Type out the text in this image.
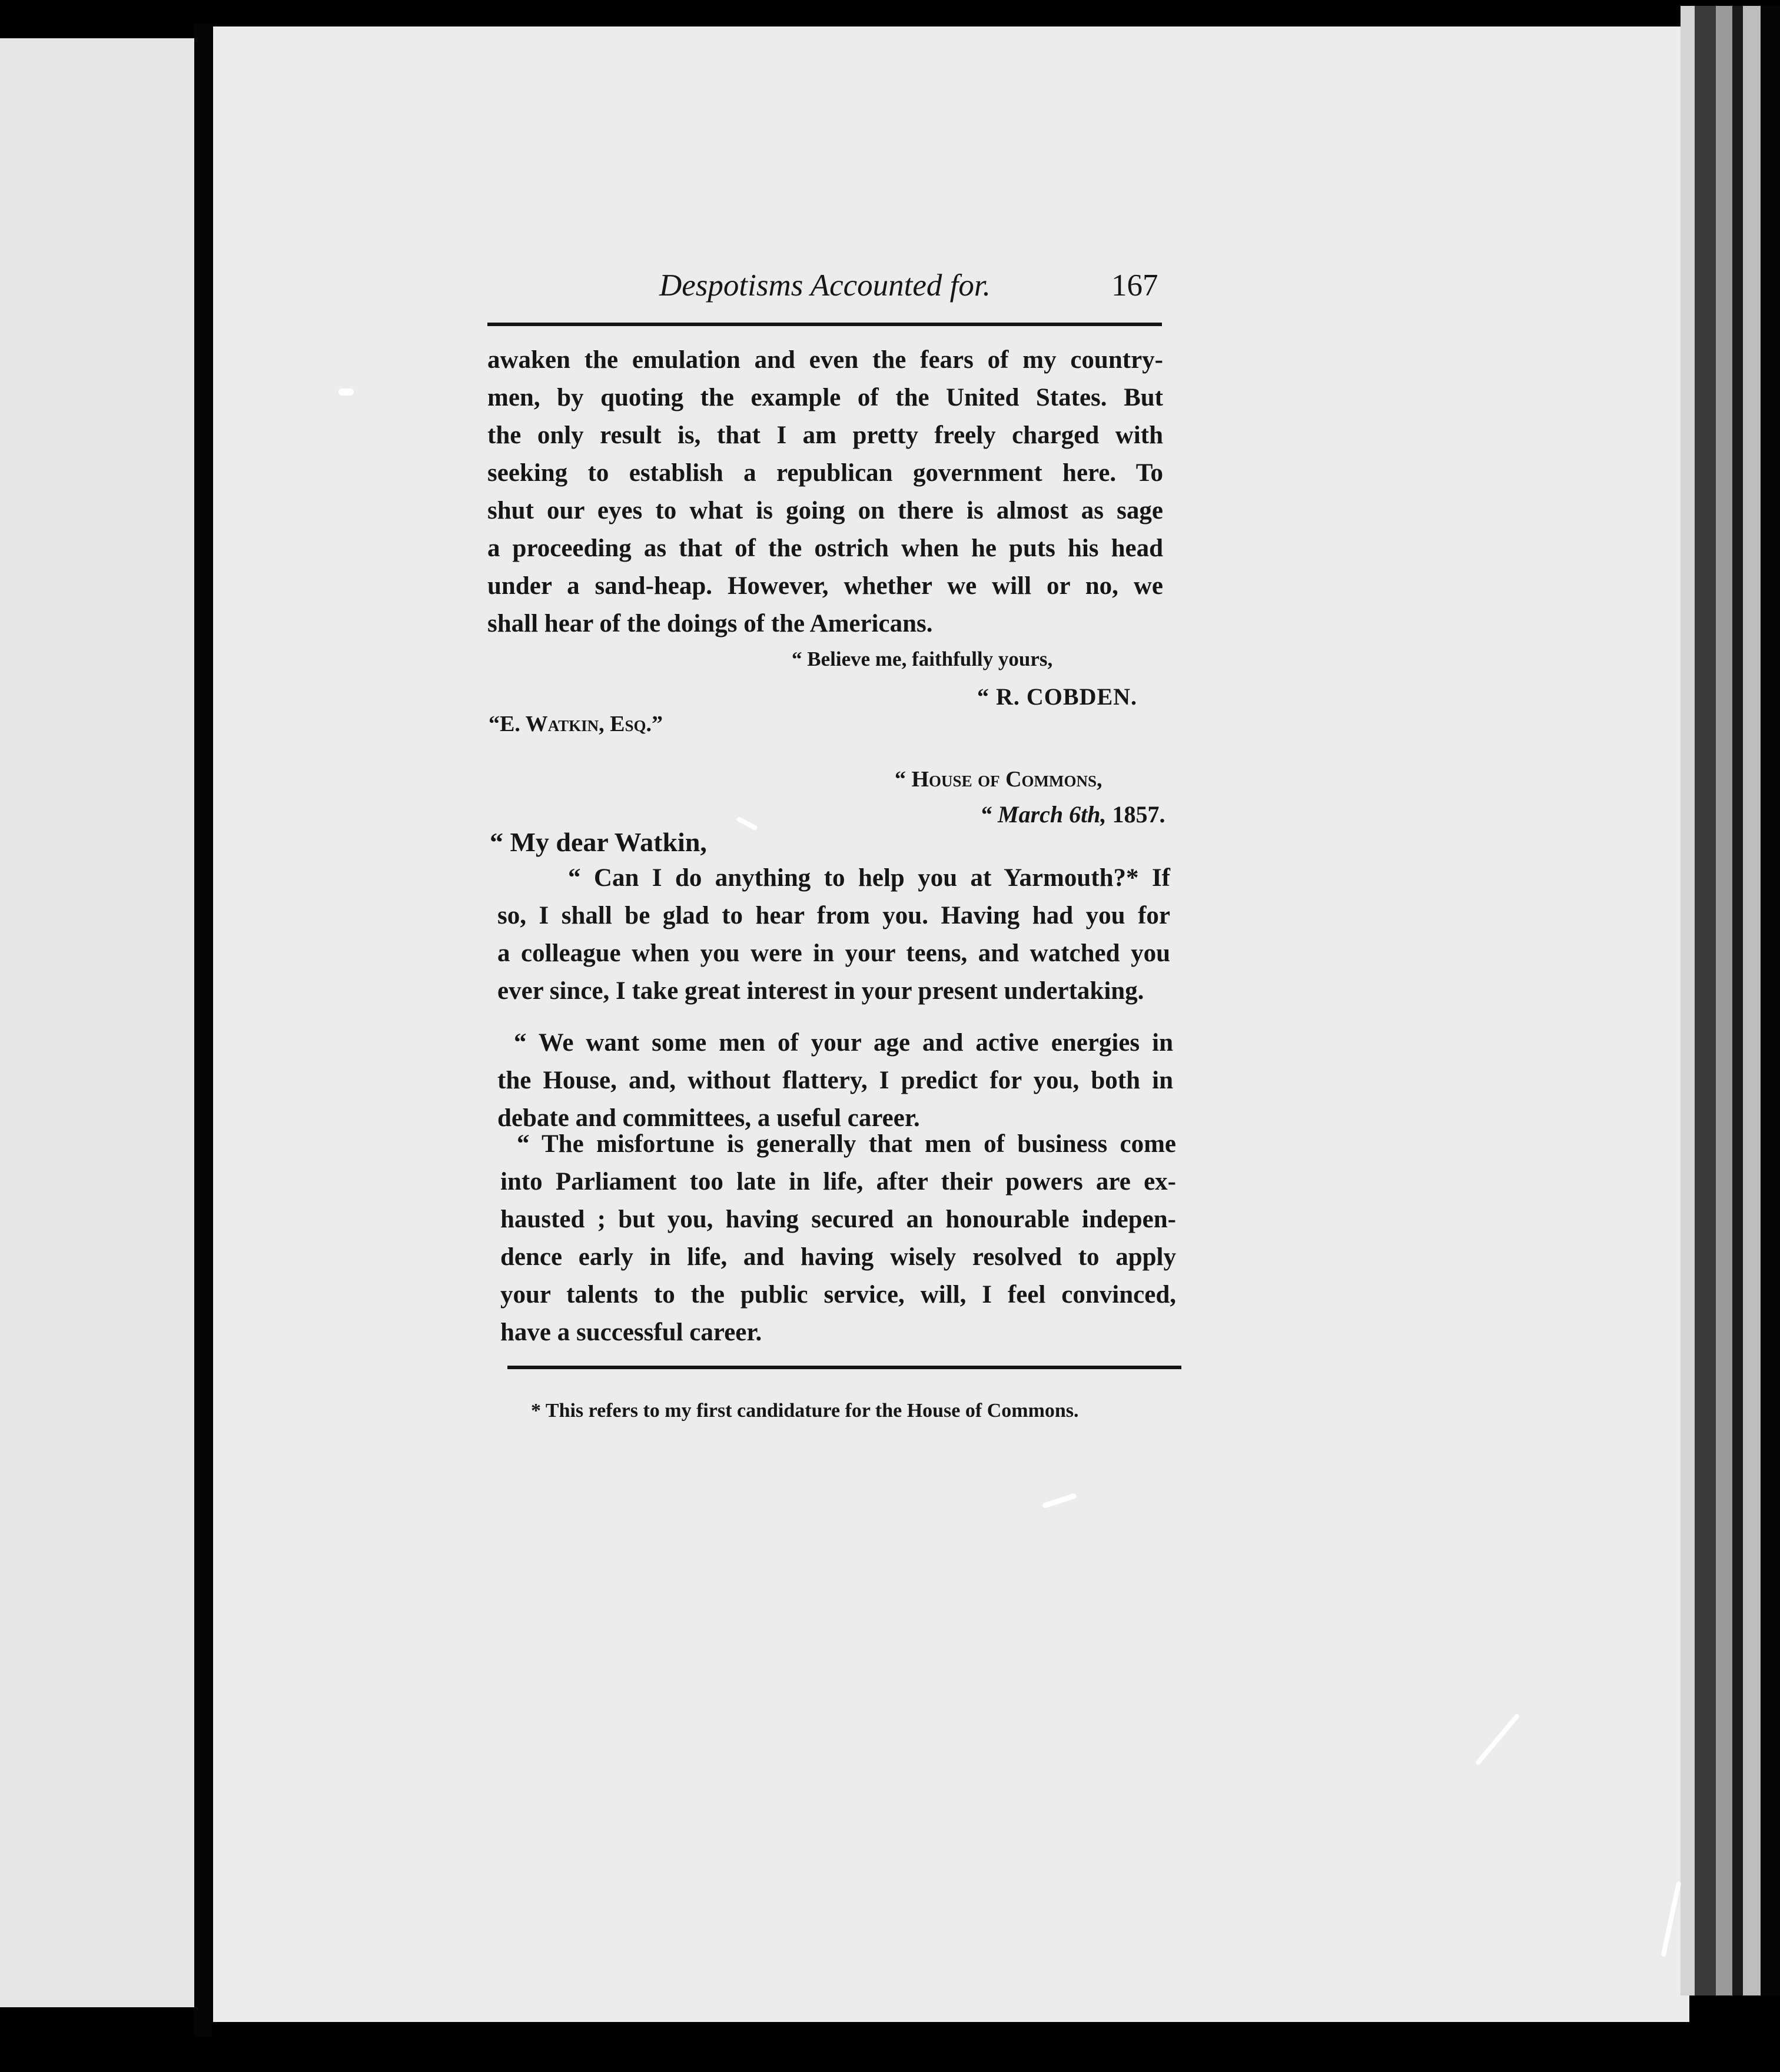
Despotisms Accounted for.	167
awaken the emulation and even the fears of my country-
men, by quoting the example of the United States. But
the only result is, that I am pretty freely charged with
seeking to establish a republican government here. To
shut our eyes to what is going on there is almost as sage
a proceeding as that of the ostrich when he puts his head
under a sand-heap. However, whether we will or no, we
shall hear of the doings of the Americans.
“ Believe me, faithfully yours,
“ R. COBDEN.
“E. Watkin, Esq.”
“ House of Commons,
“ March 6th, 1857.
“ My dear Watkin,
“ Can I do anything to help you at Yarmouth?* If
so, I shall be glad to hear from you. Having had you for
a colleague when you were in your teens, and watched you
ever since, I take great interest in your present undertaking.
“ We want some men of your age and active energies in
the House, and, without flattery, I predict for you, both in
debate and committees, a useful career.
“ The misfortune is generally that men of business come
into Parliament too late in life, after their powers are ex-
hausted ; but you, having secured an honourable indepen-
dence early in life, and having wisely resolved to apply
your talents to the public service, will, I feel convinced,
have a successful career.
* This refers to my first candidature for the House of Commons.
